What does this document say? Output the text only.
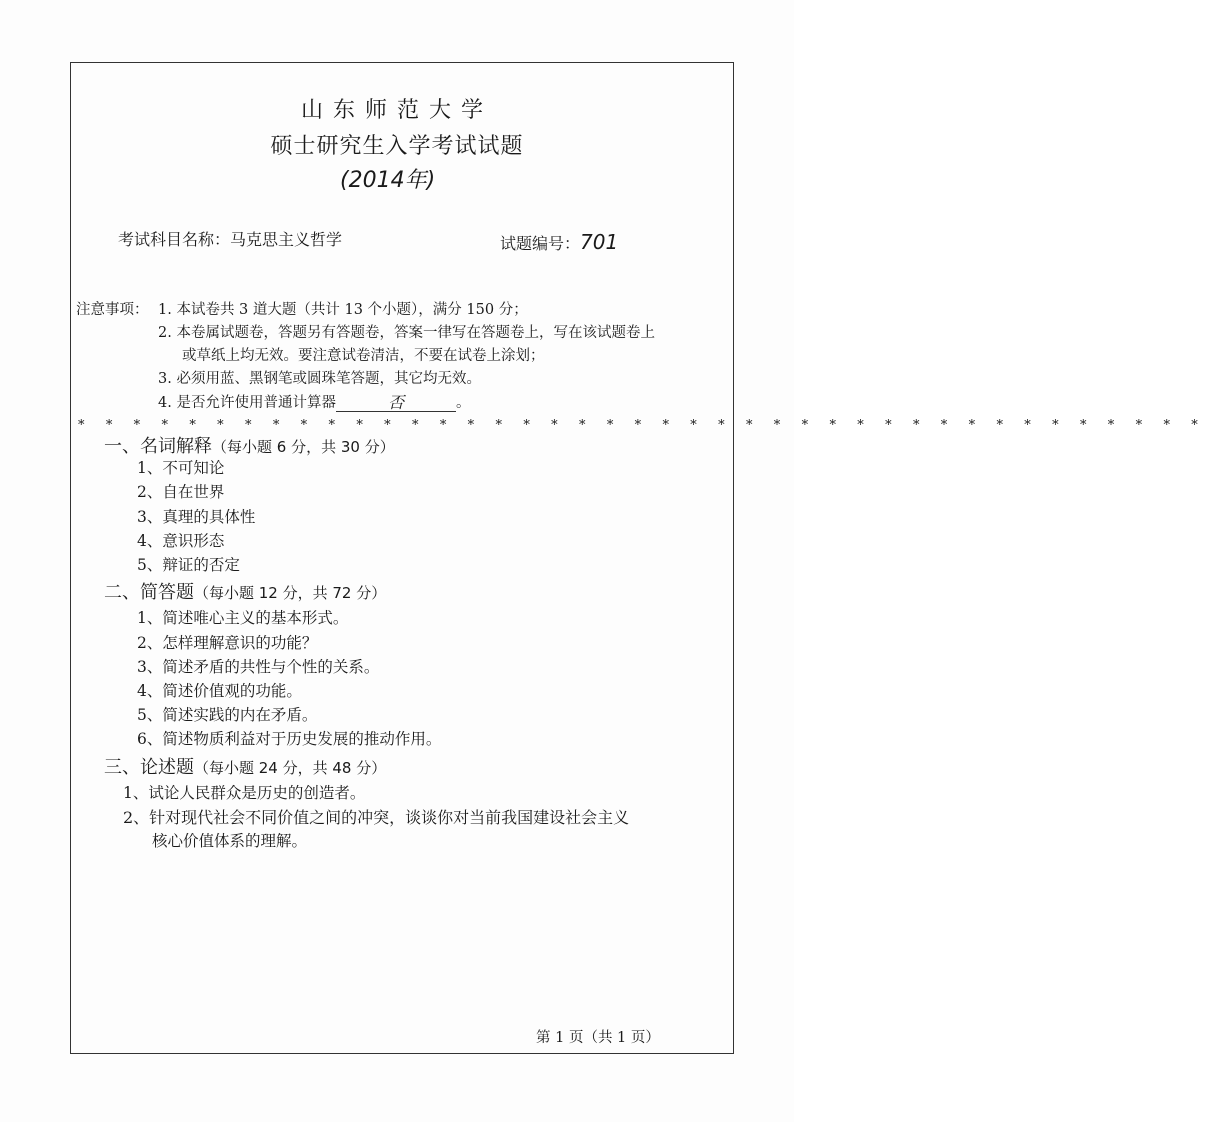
山东师范大学
硕士研究生入学考试试题
(2014年)
考试科目名称：马克思主义哲学	试题编号：701
注意事项： 1. 本试卷共 3 道大题（共计 13 个小题），满分 150 分；
2. 本卷属试题卷，答题另有答题卷，答案一律写在答题卷上，写在该试题卷上
或草纸上均无效。要注意试卷清洁，不要在试卷上涂划；
3. 必须用蓝、黑钢笔或圆珠笔答题，其它均无效。
4. 是否允许使用普通计算器	否	。
* * * * * * * * * * * * * * * * * * * * * * * * * * * * * * * * * * * * * * * * *
一、名词解释（每小题 6 分，共 30 分）
1、不可知论
2、自在世界
3、真理的具体性
4、意识形态
5、辩证的否定
二、简答题（每小题 12 分，共 72 分）
1、简述唯心主义的基本形式。
2、怎样理解意识的功能？
3、简述矛盾的共性与个性的关系。
4、简述价值观的功能。
5、简述实践的内在矛盾。
6、简述物质利益对于历史发展的推动作用。
三、论述题（每小题 24 分，共 48 分）
1、试论人民群众是历史的创造者。
2、针对现代社会不同价值之间的冲突，谈谈你对当前我国建设社会主义
核心价值体系的理解。
第 1 页（共 1 页）
